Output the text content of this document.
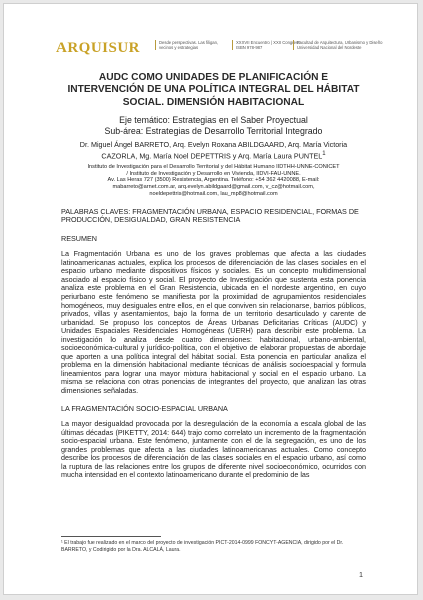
ARQUISUR	Desde perspectivas. Las filigan,
vecinos y estrategias
XXXVII Encuentro | XXII Congreso
ISBN 978-987
Facultad de Arquitectura, Urbanismo y Diseño
Universidad Nacional del Nordeste
AUDC COMO UNIDADES DE PLANIFICACIÓN E INTERVENCIÓN DE UNA POLÍTICA INTEGRAL DEL HÁBITAT SOCIAL. DIMENSIÓN HABITACIONAL
Eje temático: Estrategias en el Saber Proyectual
Sub-área: Estrategias de Desarrollo Territorial Integrado
Dr. Miguel Ángel BARRETO, Arq. Evelyn Roxana ABILDGAARD, Arq. María Victoria CAZORLA, Mg. María Noel DEPETTRIS y Arq. María Laura PUNTEL$^1$
Instituto de Investigación para el Desarrollo Territorial y del Hábitat Humano IIDTHH-UNNE-CONICET
/ Instituto de Investigación y Desarrollo en Vivienda, IIDVI-FAU-UNNE.
Av. Las Heras 727 (3500) Resistencia, Argentina. Teléfono: +54 362 4420088, E-mail:
mabarreto@arnet.com.ar, arq.evelyn.abildgaard@gmail.com, v_cz@hotmail.com,
noeldepettris@hotmail.com, lau_mp8@hotmail.com

PALABRAS CLAVES: FRAGMENTACIÓN URBANA, ESPACIO RESIDENCIAL, FORMAS DE PRODUCCIÓN, DESIGUALDAD, GRAN RESISTENCIA

RESUMEN

La Fragmentación Urbana es uno de los graves problemas que afecta a las ciudades latinoamericanas actuales, explica los procesos de diferenciación de las clases sociales en el espacio urbano mediante dispositivos físicos y sociales. Es un concepto multidimensional asociado al espacio físico y social. El proyecto de Investigación que sustenta esta ponencia analiza este problema en el Gran Resistencia, ubicada en el nordeste argentino, en cuyo periurbano este fenómeno se manifiesta por la proximidad de agrupamientos residenciales homogéneos, muy desiguales entre ellos, en el que conviven sin relacionarse, barrios públicos, privados, villas y asentamientos, bajo la forma de un territorio desarticulado y carente de urbanidad. Se propuso los conceptos de Áreas Urbanas Deficitarias Críticas (AUDC) y Unidades Espaciales Residenciales Homogéneas (UERH) para describir este problema. La investigación lo analiza desde cuatro dimensiones: habitacional, urbano-ambiental, socioeconómica-cultural y jurídico-política, con el objetivo de elaborar propuestas de abordaje que aporten a una política integral del hábitat social. Esta ponencia en particular analiza el problema en la dimensión habitacional mediante técnicas de análisis socioespacial y formula lineamientos para lograr una mayor mixtura habitacional y social en el espacio urbano. La misma se relaciona con otras ponencias de integrantes del proyecto, que analizan las otras dimensiones señaladas.

LA FRAGMENTACIÓN SOCIO-ESPACIAL URBANA

La mayor desigualdad provocada por la desregulación de la economía a escala global de las últimas décadas (PIKETTY, 2014: 644) trajo como correlato un incremento de la fragmentación socio-espacial urbana. Este fenómeno, juntamente con el de la segregación, es uno de los grandes problemas que afecta a las ciudades latinoamericanas actuales. Como concepto describe los procesos de diferenciación de las clases sociales en el espacio urbano, así como la ruptura de las relaciones entre los grupos de diferente nivel socioeconómico, ocurridos con mucha intensidad en el contexto latinoamericano durante el predominio de las

¹ El trabajo fue realizado en el marco del proyecto de investigación PICT-2014-0999 FONCYT-AGENCIA, dirigido por el Dr. BARRETO, y Codirigido por la Dra. ALCALÁ, Laura.
1
